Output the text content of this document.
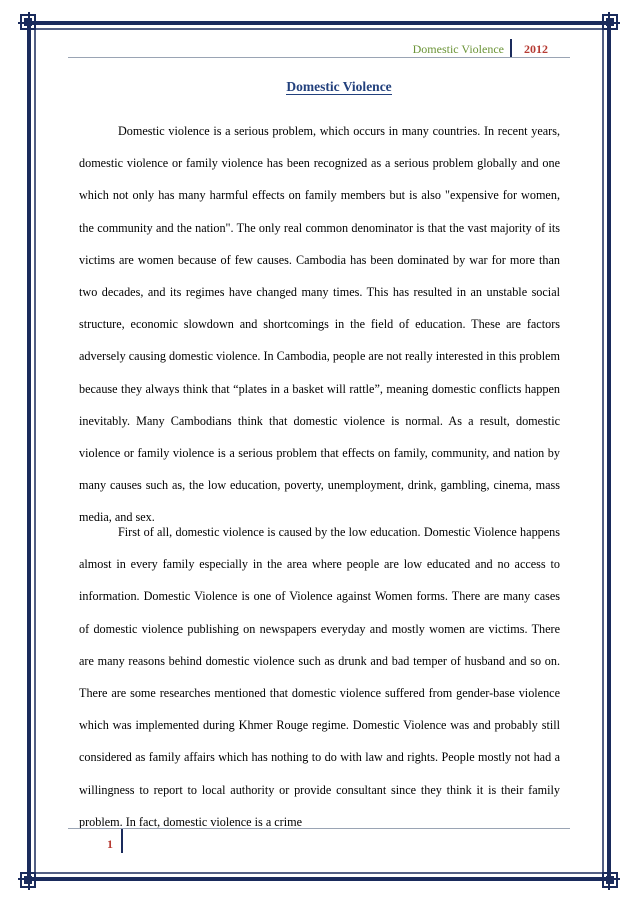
Domestic Violence 2012
Domestic Violence

Domestic violence is a serious problem, which occurs in many countries. In recent years, domestic violence or family violence has been recognized as a serious problem globally and one which not only has many harmful effects on family members but is also "expensive for women, the community and the nation". The only real common denominator is that the vast majority of its victims are women because of few causes. Cambodia has been dominated by war for more than two decades, and its regimes have changed many times. This has resulted in an unstable social structure, economic slowdown and shortcomings in the field of education. These are factors adversely causing domestic violence. In Cambodia, people are not really interested in this problem because they always think that “plates in a basket will rattle”, meaning domestic conflicts happen inevitably. Many Cambodians think that domestic violence is normal. As a result, domestic violence or family violence is a serious problem that effects on family, community, and nation by many causes such as, the low education, poverty, unemployment, drink, gambling, cinema, mass media, and sex.

First of all, domestic violence is caused by the low education. Domestic Violence happens almost in every family especially in the area where people are low educated and no access to information. Domestic Violence is one of Violence against Women forms. There are many cases of domestic violence publishing on newspapers everyday and mostly women are victims. There are many reasons behind domestic violence such as drunk and bad temper of husband and so on. There are some researches mentioned that domestic violence suffered from gender-base violence which was implemented during Khmer Rouge regime. Domestic Violence was and probably still considered as family affairs which has nothing to do with law and rights. People mostly not had a willingness to report to local authority or provide consultant since they think it is their family problem. In fact, domestic violence is a crime

1
